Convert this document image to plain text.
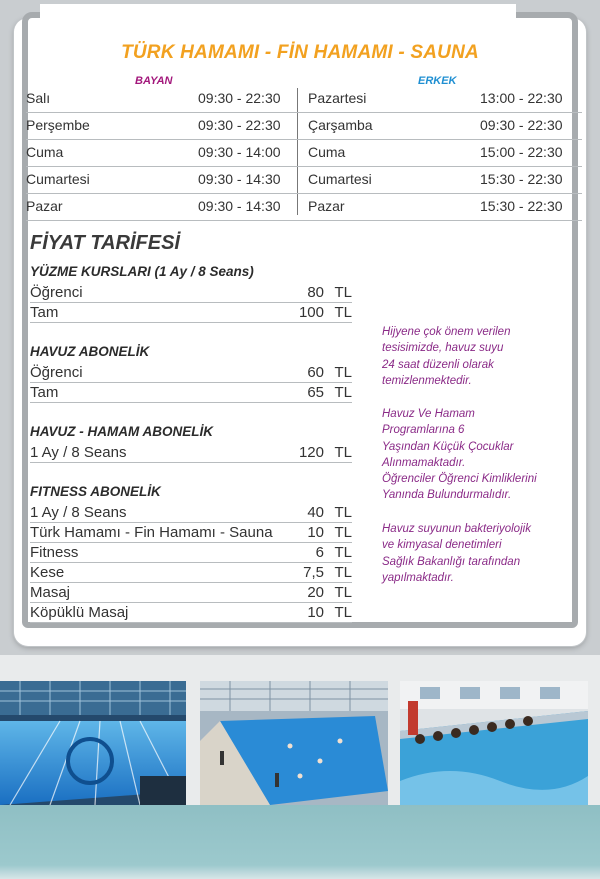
TÜRK HAMAMI - FİN HAMAMI - SAUNA
BAYAN	ERKEK
Salı	09:30 - 22:30 Pazartesi	13:00 - 22:30
Perşembe	09:30 - 22:30 Çarşamba	09:30 - 22:30
Cuma	09:30 - 14:00 Cuma	15:00 - 22:30
Cumartesi	09:30 - 14:30 Cumartesi	15:30 - 22:30
Pazar	09:30 - 14:30 Pazar	15:30 - 22:30
FİYAT TARİFESİ
YÜZME KURSLARI (1 Ay / 8 Seans)
Öğrenci	80 TL
Tam	100 TL
HAVUZ ABONELİK
Öğrenci	60 TL
Tam	65 TL
HAVUZ - HAMAM ABONELİK
1 Ay / 8 Seans	120 TL
FITNESS ABONELİK
1 Ay / 8 Seans	40 TL
Türk Hamamı - Fin Hamamı - Sauna 10 TL
Fitness	6 TL
Kese	7,5 TL
Masaj	20 TL
Köpüklü Masaj	10 TL
Hijyene çok önem verilen
tesisimizde, havuz suyu
24 saat düzenli olarak
temizlenmektedir.
Havuz Ve Hamam
Programlarına 6
Yaşından Küçük Çocuklar
Alınmamaktadır.
Öğrenciler Öğrenci Kimliklerini
Yanında Bulundurmalıdır.
Havuz suyunun bakteriyolojik
ve kimyasal denetimleri
Sağlık Bakanlığı tarafından
yapılmaktadır.
